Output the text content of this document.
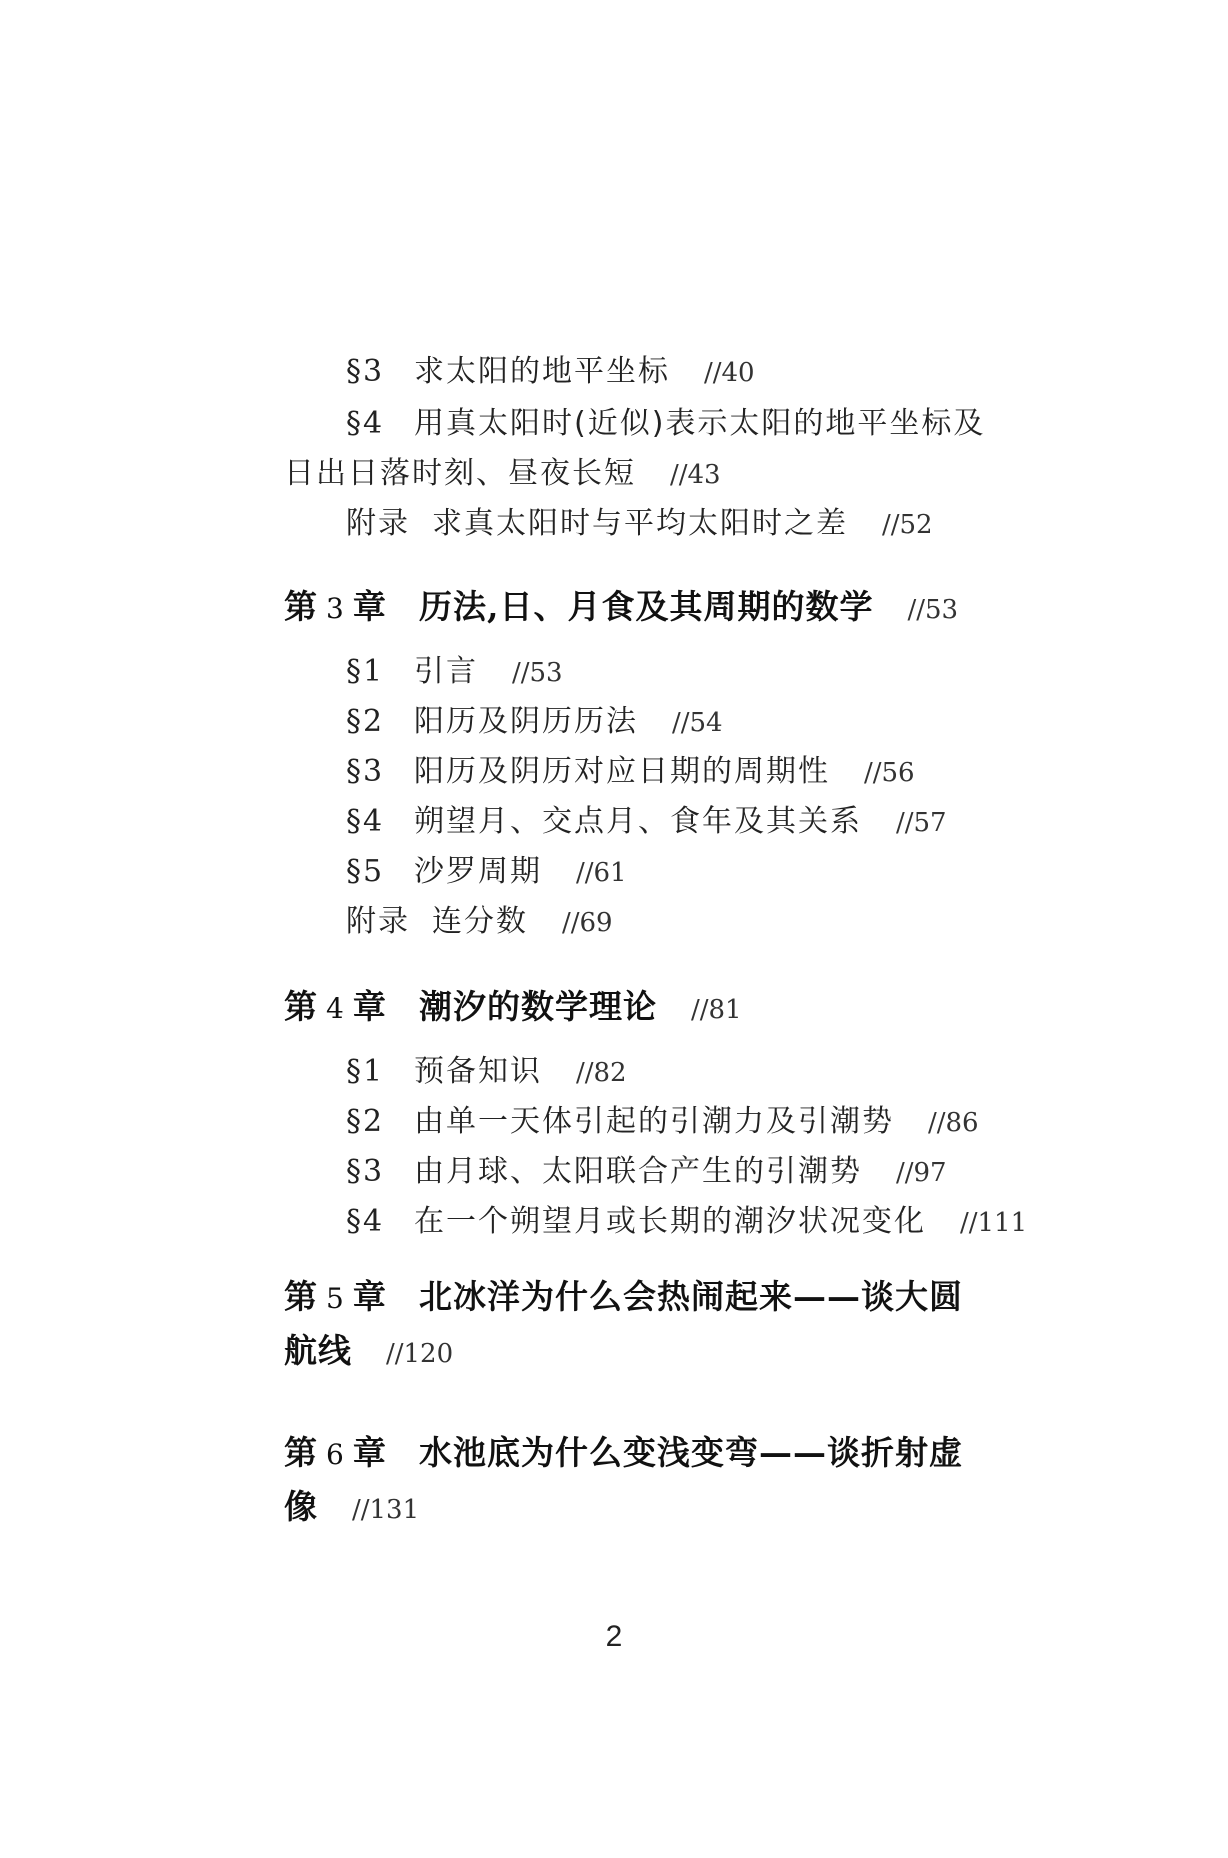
§3 求太阳的地平坐标 //40
§4 用真太阳时(近似)表示太阳的地平坐标及
日出日落时刻、昼夜长短 //43
附录 求真太阳时与平均太阳时之差 //52
第 3 章 历法,日、月食及其周期的数学 //53
§1 引言 //53
§2 阳历及阴历历法 //54
§3 阳历及阴历对应日期的周期性 //56
§4 朔望月、交点月、食年及其关系 //57
§5 沙罗周期 //61
附录 连分数 //69
第 4 章 潮汐的数学理论 //81
§1 预备知识 //82
§2 由单一天体引起的引潮力及引潮势 //86
§3 由月球、太阳联合产生的引潮势 //97
§4 在一个朔望月或长期的潮汐状况变化 //111
第 5 章 北冰洋为什么会热闹起来——谈大圆
航线 //120
第 6 章 水池底为什么变浅变弯——谈折射虚
像 //131
2
